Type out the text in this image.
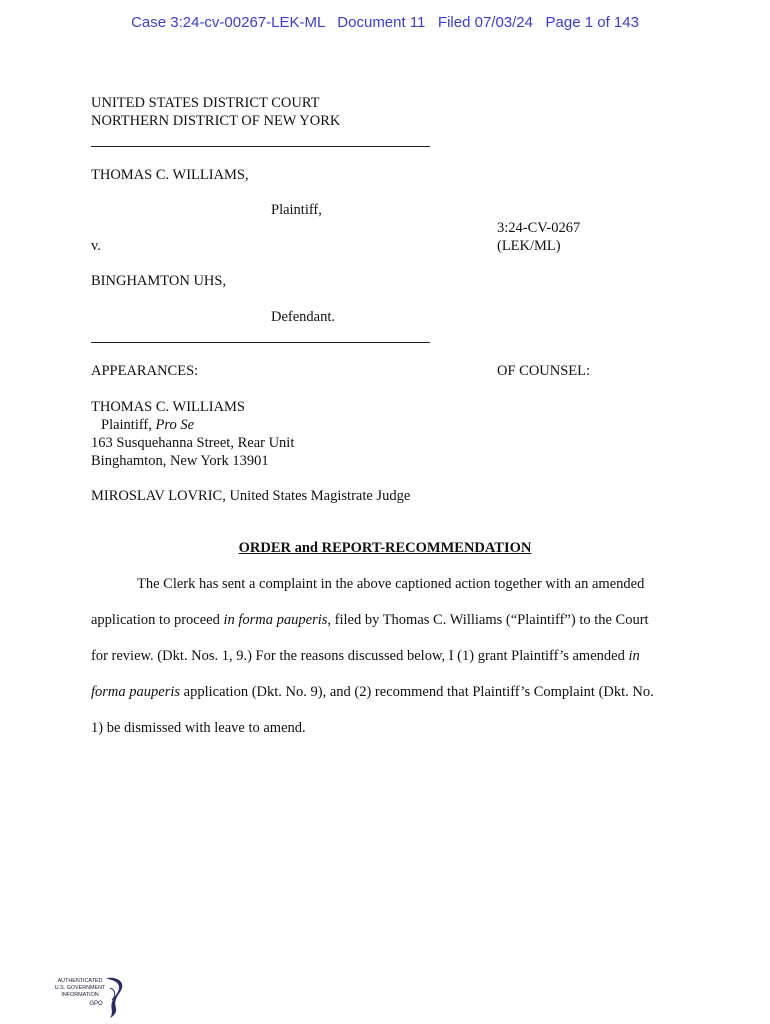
Case 3:24-cv-00267-LEK-ML Document 11 Filed 07/03/24 Page 1 of 143
UNITED STATES DISTRICT COURT
NORTHERN DISTRICT OF NEW YORK
THOMAS C. WILLIAMS,
Plaintiff,
3:24-CV-0267
v.	(LEK/ML)
BINGHAMTON UHS,
Defendant.
APPEARANCES:	OF COUNSEL:
THOMAS C. WILLIAMS
Plaintiff, Pro Se
163 Susquehanna Street, Rear Unit
Binghamton, New York 13901
MIROSLAV LOVRIC, United States Magistrate Judge
ORDER and REPORT-RECOMMENDATION
The Clerk has sent a complaint in the above captioned action together with an amended
application to proceed in forma pauperis, filed by Thomas C. Williams (“Plaintiff”) to the Court
for review. (Dkt. Nos. 1, 9.) For the reasons discussed below, I (1) grant Plaintiff’s amended in
forma pauperis application (Dkt. No. 9), and (2) recommend that Plaintiff’s Complaint (Dkt. No.
1) be dismissed with leave to amend.
AUTHENTICATED
U.S. GOVERNMENT
INFORMATION
GPO
